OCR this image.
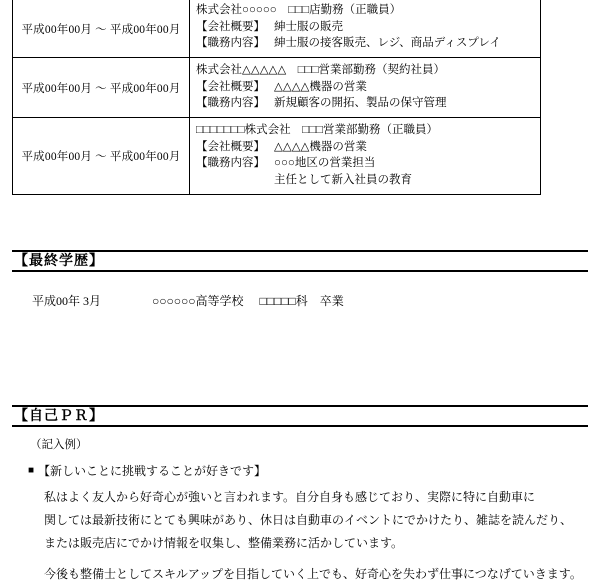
平成00年00月 ～ 平成00年00月	株式会社○○○○○　□□□店勤務（正職員）
【会社概要】 紳士服の販売
【職務内容】 紳士服の接客販売、レジ、商品ディスプレイ

平成00年00月 ～ 平成00年00月	株式会社△△△△△　□□□営業部勤務（契約社員）
【会社概要】 △△△△機器の営業
【職務内容】 新規顧客の開拓、製品の保守管理

平成00年00月 ～ 平成00年00月	□□□□□□□株式会社　□□□営業部勤務（正職員）
【会社概要】 △△△△機器の営業
【職務内容】 ○○○地区の営業担当
主任として新入社員の教育
【最終学歴】
平成00年 3月	○○○○○○高等学校 □□□□□科　卒業
【自己ＰＲ】
（記入例）
■ 【新しいことに挑戦することが好きです】

私はよく友人から好奇心が強いと言われます。自分自身も感じており、実際に特に自動車に

関しては最新技術にとても興味があり、休日は自動車のイベントにでかけたり、雑誌を読んだり、

または販売店にでかけ情報を収集し、整備業務に活かしています。

今後も整備士としてスキルアップを目指していく上でも、好奇心を失わず仕事につなげていきます。
